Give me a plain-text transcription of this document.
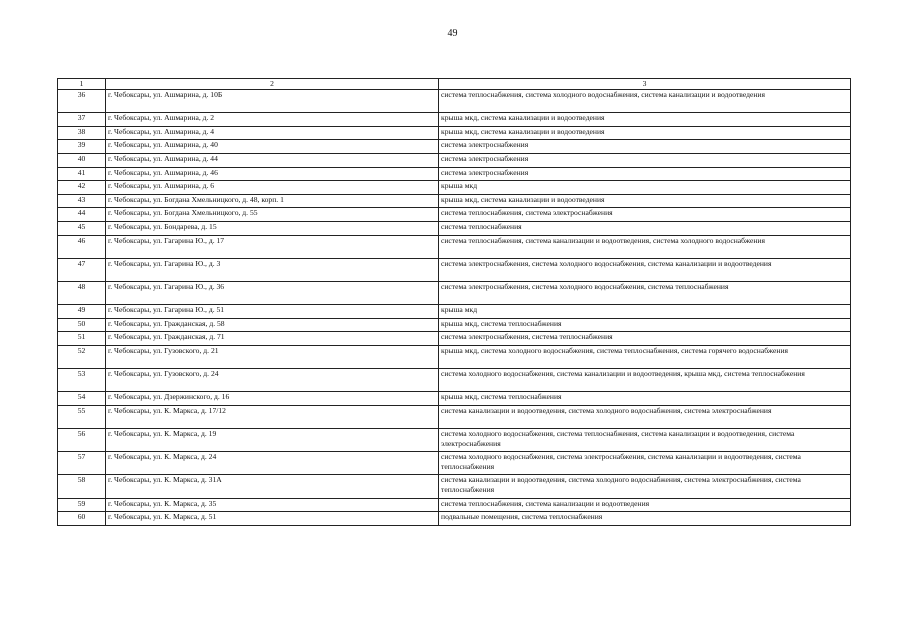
49
1	2	3
36	г. Чебоксары, ул. Ашмарина, д. 10Б	система теплоснабжения, система холодного водоснабжения, система канализации и водоотведения
37	г. Чебоксары, ул. Ашмарина, д. 2	крыша мкд, система канализации и водоотведения
38	г. Чебоксары, ул. Ашмарина, д. 4	крыша мкд, система канализации и водоотведения
39	г. Чебоксары, ул. Ашмарина, д. 40	система электроснабжения
40	г. Чебоксары, ул. Ашмарина, д. 44	система электроснабжения
41	г. Чебоксары, ул. Ашмарина, д. 46	система электроснабжения
42	г. Чебоксары, ул. Ашмарина, д. 6	крыша мкд
43	г. Чебоксары, ул. Богдана Хмельницкого, д. 48, корп. 1	крыша мкд, система канализации и водоотведения
44	г. Чебоксары, ул. Богдана Хмельницкого, д. 55	система теплоснабжения, система электроснабжения
45	г. Чебоксары, ул. Бондарева, д. 15	система теплоснабжения
46	г. Чебоксары, ул. Гагарина Ю., д. 17	система теплоснабжения, система канализации и водоотведения, система холодного водоснабжения
47	г. Чебоксары, ул. Гагарина Ю., д. 3	система электроснабжения, система холодного водоснабжения, система канализации и водоотведения
48	г. Чебоксары, ул. Гагарина Ю., д. 36	система электроснабжения, система холодного водоснабжения, система теплоснабжения
49	г. Чебоксары, ул. Гагарина Ю., д. 51	крыша мкд
50	г. Чебоксары, ул. Гражданская, д. 58	крыша мкд, система теплоснабжения
51	г. Чебоксары, ул. Гражданская, д. 71	система электроснабжения, система теплоснабжения
52	г. Чебоксары, ул. Гузовского, д. 21	крыша мкд, система холодного водоснабжения, система теплоснабжения, система горячего водоснабжения
53	г. Чебоксары, ул. Гузовского, д. 24	система холодного водоснабжения, система канализации и водоотведения, крыша мкд, система теплоснабжения
54	г. Чебоксары, ул. Дзержинского, д. 16	крыша мкд, система теплоснабжения
55	г. Чебоксары, ул. К. Маркса, д. 17/12	система канализации и водоотведения, система холодного водоснабжения, система электроснабжения
56	г. Чебоксары, ул. К. Маркса, д. 19	система холодного водоснабжения, система теплоснабжения, система канализации и водоотведения, система электроснабжения
57	г. Чебоксары, ул. К. Маркса, д. 24	система холодного водоснабжения, система электроснабжения, система канализации и водоотведения, система теплоснабжения
58	г. Чебоксары, ул. К. Маркса, д. 31А	система канализации и водоотведения, система холодного водоснабжения, система электроснабжения, система теплоснабжения
59	г. Чебоксары, ул. К. Маркса, д. 35	система теплоснабжения, система канализации и водоотведения
60	г. Чебоксары, ул. К. Маркса, д. 51	подвальные помещения, система теплоснабжения
